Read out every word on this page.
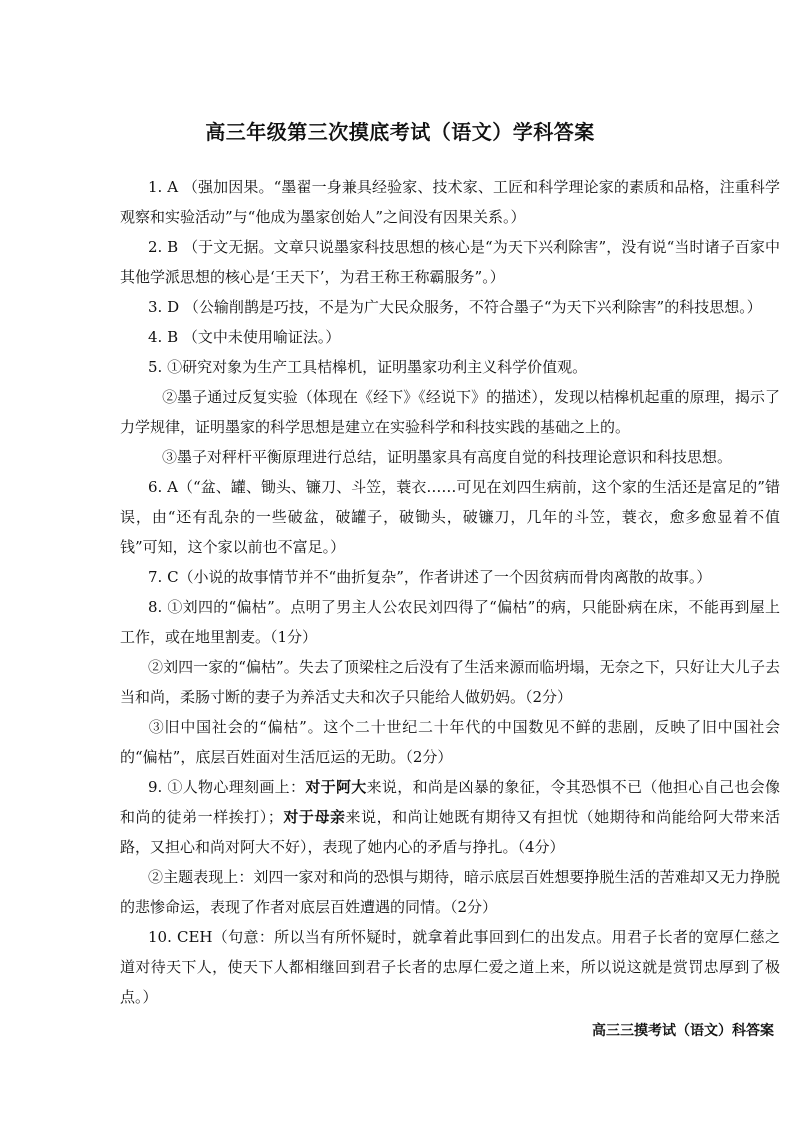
高三年级第三次摸底考试（语文）学科答案

1. A （强加因果。“墨翟一身兼具经验家、技术家、工匠和科学理论家的素质和品格，注重科学观察和实验活动”与“他成为墨家创始人”之间没有因果关系。）

2. B （于文无据。文章只说墨家科技思想的核心是“为天下兴利除害”，没有说“当时诸子百家中其他学派思想的核心是‘王天下’，为君王称王称霸服务”。）

3. D （公输削鹊是巧技，不是为广大民众服务，不符合墨子“为天下兴利除害”的科技思想。）

4. B （文中未使用喻证法。）

5. ①研究对象为生产工具桔槔机，证明墨家功利主义科学价值观。

②墨子通过反复实验（体现在《经下》《经说下》的描述），发现以桔槔机起重的原理，揭示了力学规律，证明墨家的科学思想是建立在实验科学和科技实践的基础之上的。

③墨子对秤杆平衡原理进行总结，证明墨家具有高度自觉的科技理论意识和科技思想。

6. A（“盆、罐、锄头、镰刀、斗笠，蓑衣……可见在刘四生病前，这个家的生活还是富足的”错误，由“还有乱杂的一些破盆，破罐子，破锄头，破镰刀，几年的斗笠，蓑衣，愈多愈显着不值钱”可知，这个家以前也不富足。）

7. C（小说的故事情节并不“曲折复杂”，作者讲述了一个因贫病而骨肉离散的故事。）

8. ①刘四的“偏枯”。点明了男主人公农民刘四得了“偏枯”的病，只能卧病在床，不能再到屋上工作，或在地里割麦。（1分）

②刘四一家的“偏枯”。失去了顶梁柱之后没有了生活来源而临坍塌，无奈之下，只好让大儿子去当和尚，柔肠寸断的妻子为养活丈夫和次子只能给人做奶妈。（2分）

③旧中国社会的“偏枯”。这个二十世纪二十年代的中国数见不鲜的悲剧，反映了旧中国社会的“偏枯”，底层百姓面对生活厄运的无助。（2分）

9. ①人物心理刻画上：对于阿大来说，和尚是凶暴的象征，令其恐惧不已（他担心自己也会像和尚的徒弟一样挨打）；对于母亲来说，和尚让她既有期待又有担忧（她期待和尚能给阿大带来活路，又担心和尚对阿大不好），表现了她内心的矛盾与挣扎。（4分）

②主题表现上：刘四一家对和尚的恐惧与期待，暗示底层百姓想要挣脱生活的苦难却又无力挣脱的悲惨命运，表现了作者对底层百姓遭遇的同情。（2分）

10. CEH（句意：所以当有所怀疑时，就拿着此事回到仁的出发点。用君子长者的宽厚仁慈之道对待天下人，使天下人都相继回到君子长者的忠厚仁爱之道上来，所以说这就是赏罚忠厚到了极点。）

高三三摸考试（语文）科答案
